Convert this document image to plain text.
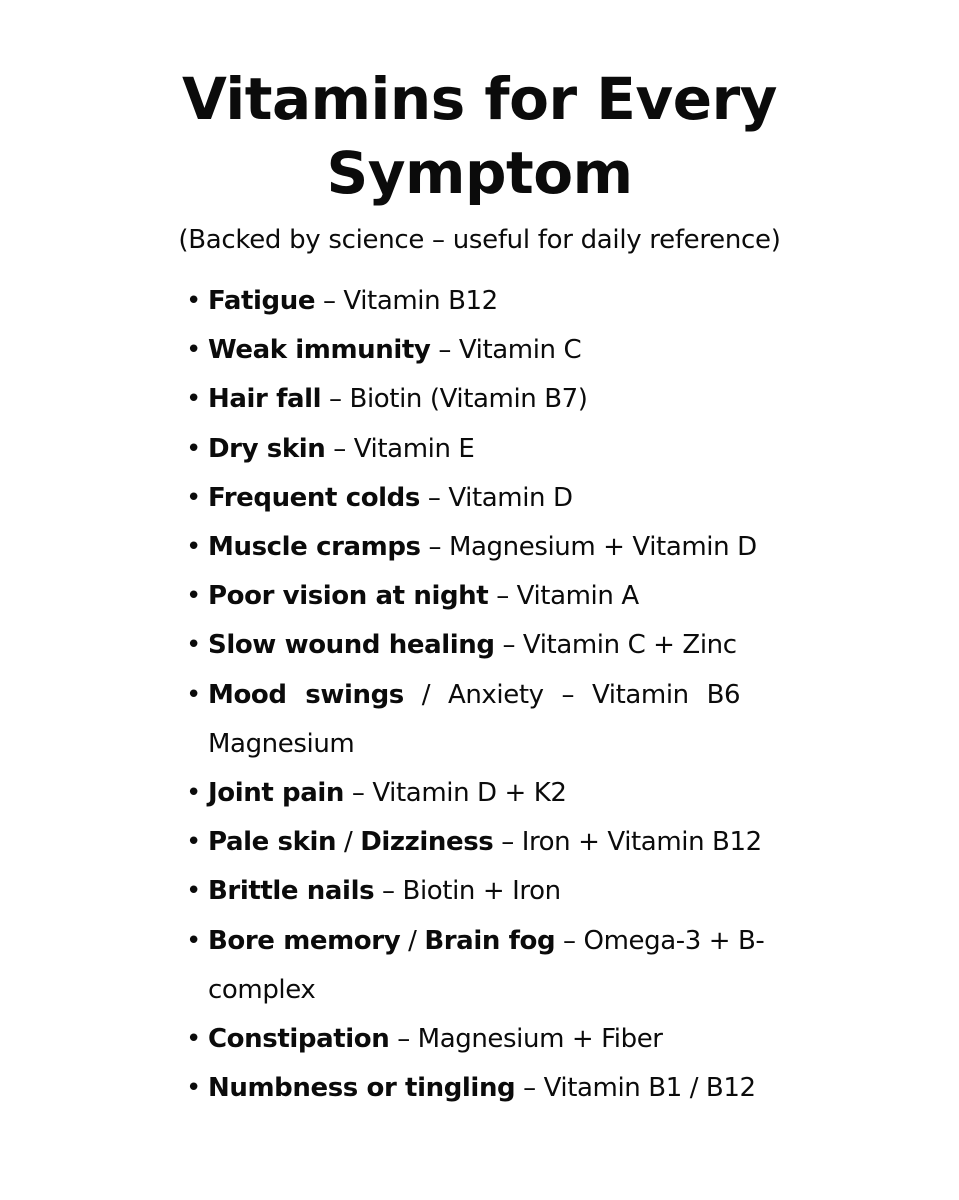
Vitamins for Every
Symptom

(Backed by science – useful for daily reference)

• Fatigue – Vitamin B12
• Weak immunity – Vitamin C
• Hair fall – Biotin (Vitamin B7)
• Dry skin – Vitamin E
• Frequent colds – Vitamin D
• Muscle cramps – Magnesium + Vitamin D
• Poor vision at night – Vitamin A
• Slow wound healing – Vitamin C + Zinc
• Mood swings / Anxiety – Vitamin B6
Magnesium
• Joint pain – Vitamin D + K2
• Pale skin / Dizziness – Iron + Vitamin B12
• Brittle nails – Biotin + Iron
• Bore memory / Brain fog – Omega-3 + B-
complex
• Constipation – Magnesium + Fiber
• Numbness or tingling – Vitamin B1 / B12
